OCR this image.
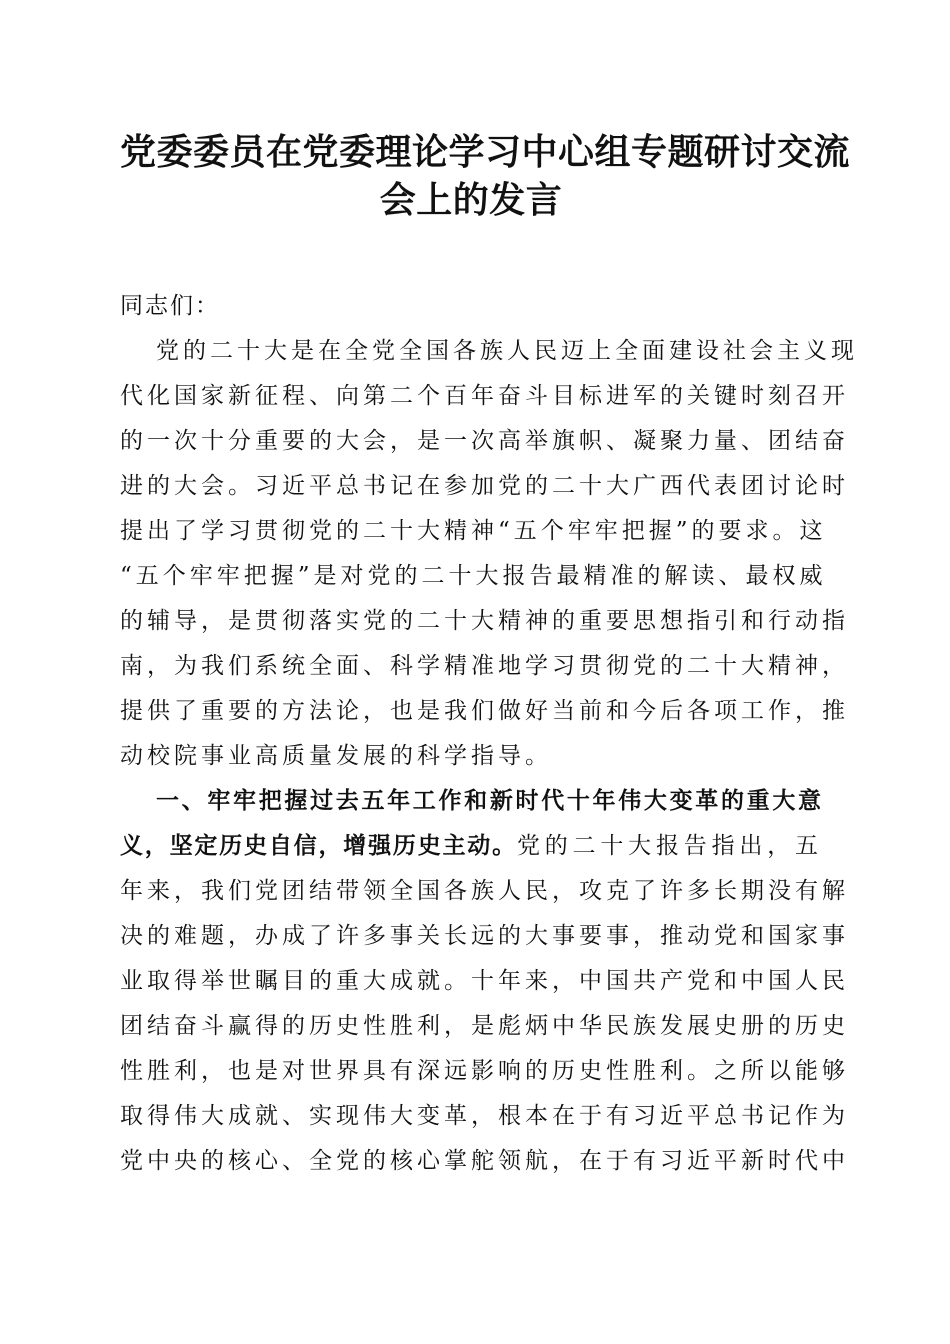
党委委员在党委理论学习中心组专题研讨交流
会上的发言

同志们：

党的二十大是在全党全国各族人民迈上全面建设社会主义现
代化国家新征程、向第二个百年奋斗目标进军的关键时刻召开
的一次十分重要的大会，是一次高举旗帜、凝聚力量、团结奋
进的大会。习近平总书记在参加党的二十大广西代表团讨论时
提出了学习贯彻党的二十大精神“五个牢牢把握”的要求。这
“五个牢牢把握”是对党的二十大报告最精准的解读、最权威
的辅导，是贯彻落实党的二十大精神的重要思想指引和行动指
南，为我们系统全面、科学精准地学习贯彻党的二十大精神，
提供了重要的方法论，也是我们做好当前和今后各项工作，推
动校院事业高质量发展的科学指导。
一、牢牢把握过去五年工作和新时代十年伟大变革的重大意
义，坚定历史自信，增强历史主动。党的二十大报告指出，五
年来，我们党团结带领全国各族人民，攻克了许多长期没有解
决的难题，办成了许多事关长远的大事要事，推动党和国家事
业取得举世瞩目的重大成就。十年来，中国共产党和中国人民
团结奋斗赢得的历史性胜利，是彪炳中华民族发展史册的历史
性胜利，也是对世界具有深远影响的历史性胜利。之所以能够
取得伟大成就、实现伟大变革，根本在于有习近平总书记作为
党中央的核心、全党的核心掌舵领航，在于有习近平新时代中
